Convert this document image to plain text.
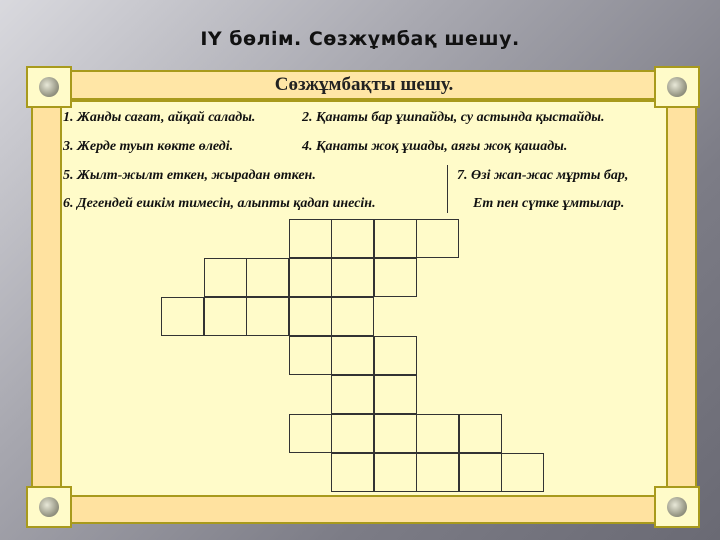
IY бөлім. Сөзжұмбақ шешу.
Сөзжұмбақты шешу.
1. Жанды сағат, айқай салады.	2. Қанаты бар ұшпайды, су астында қыстайды.
3. Жерде туып көкте өледі.	4. Қанаты жоқ ұшады, аяғы жоқ қашады.
5. Жылт-жылт еткен, жырадан өткен.
6. Дегендей ешкім тимесін, алыпты қадап инесін.
7. Өзі жап-жас мұрты бар,
Ет пен сүтке ұмтылар.
